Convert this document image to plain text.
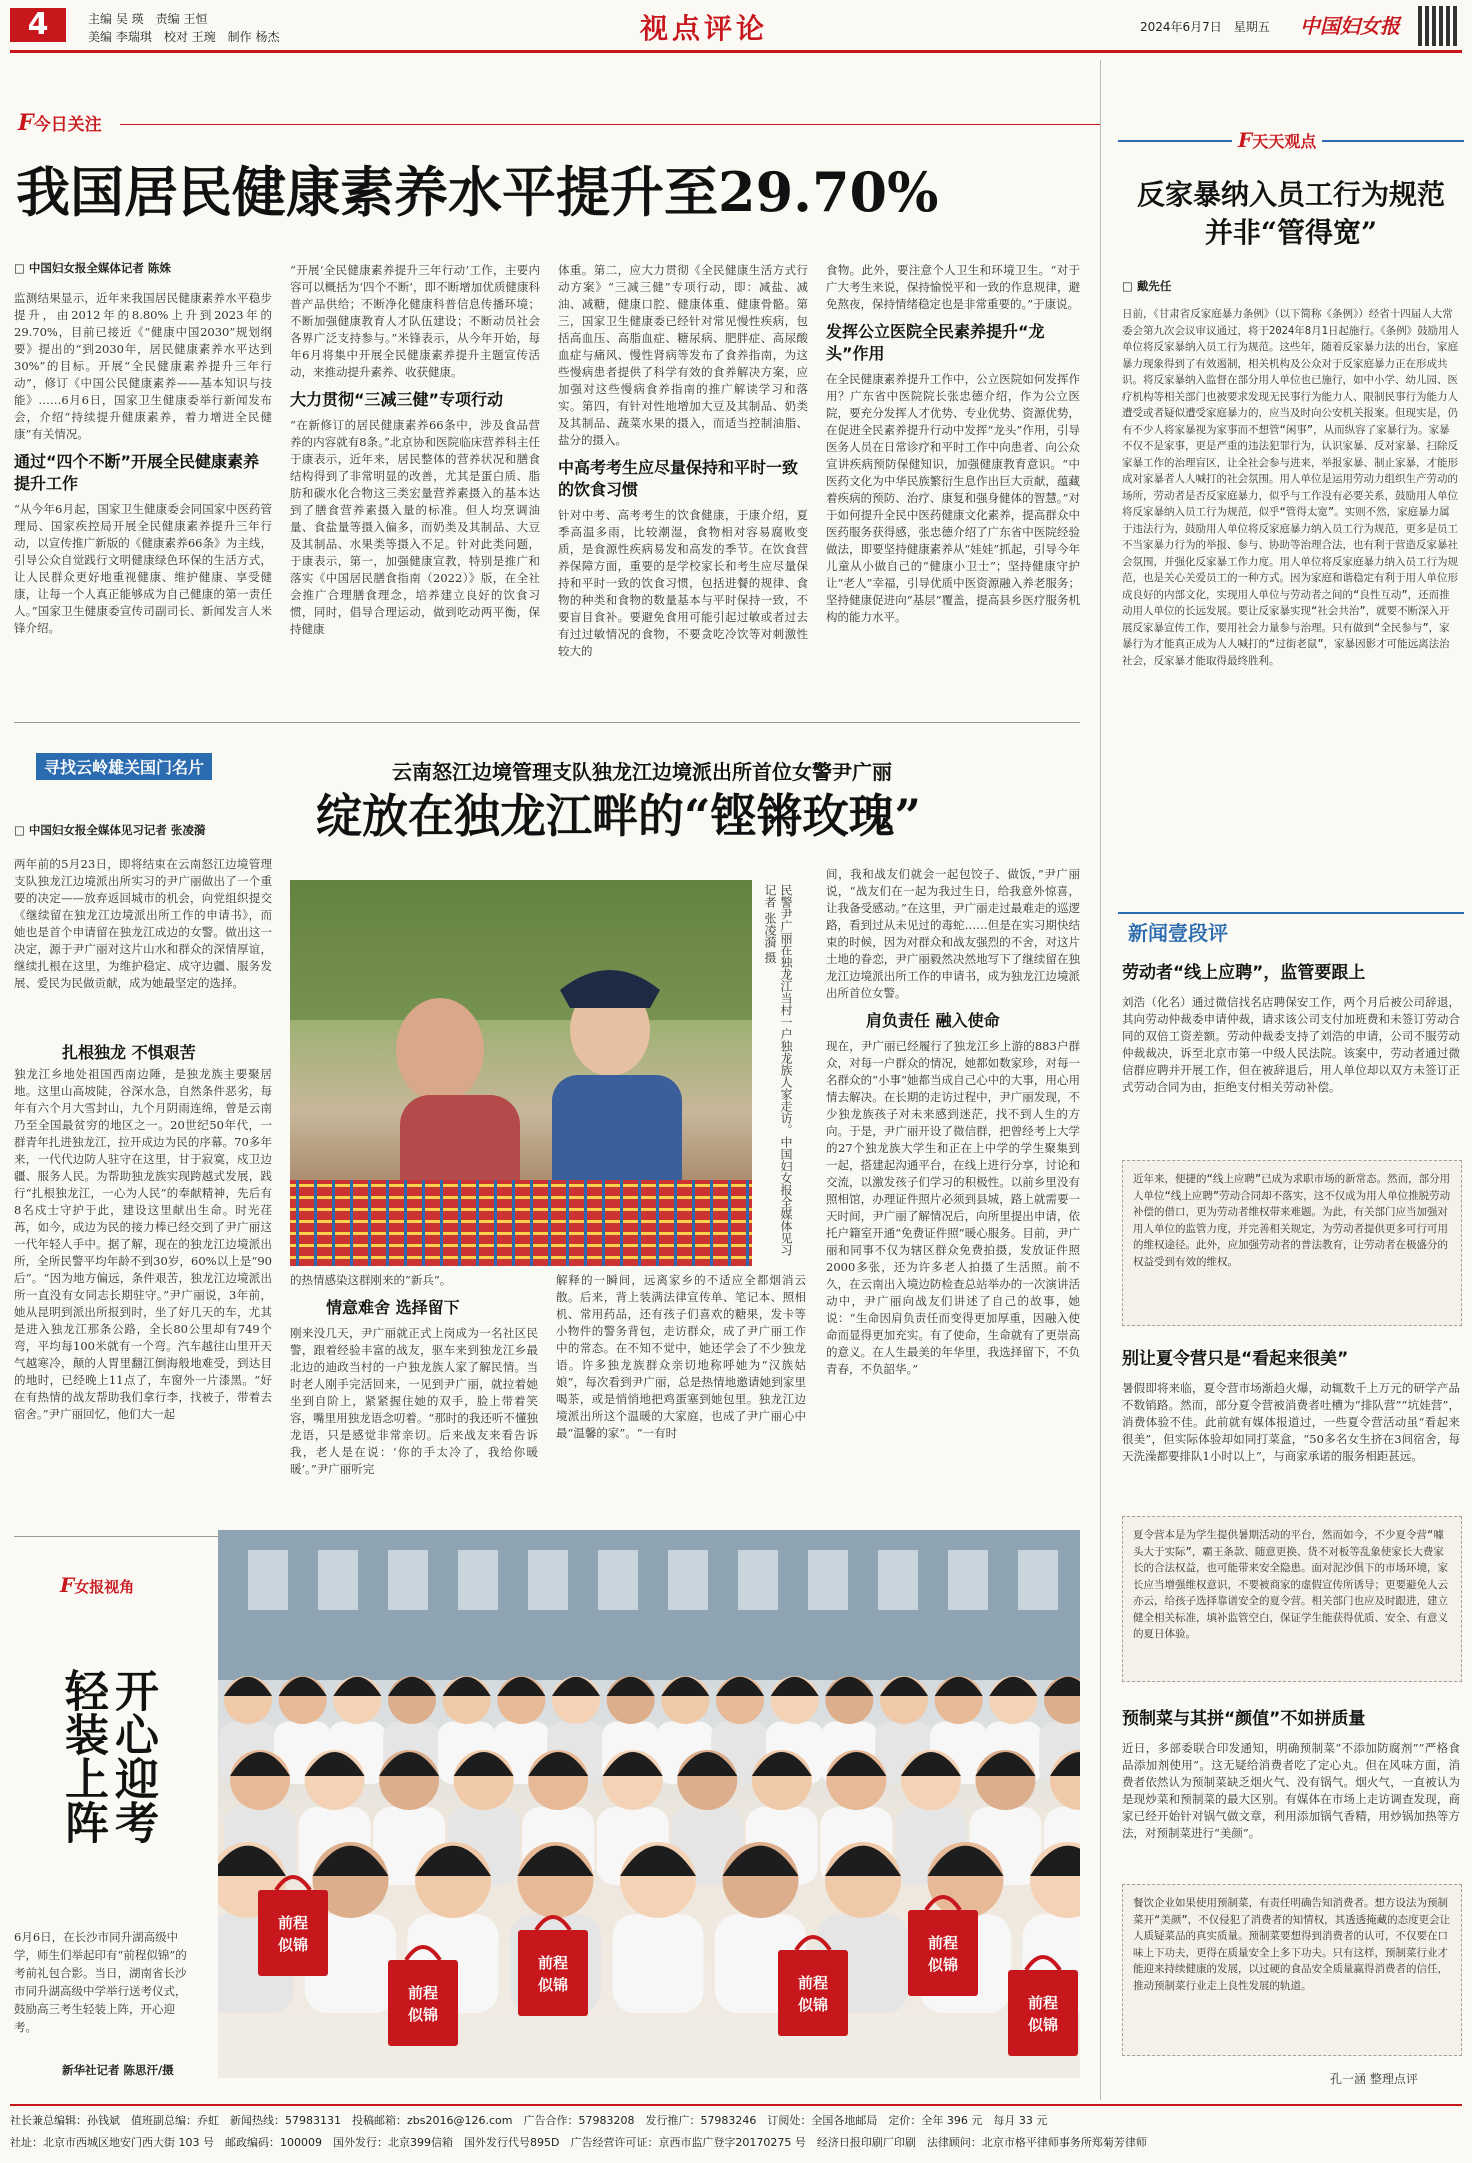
4	主编 吴 瑛　责编 王恒
美编 李瑞琪　校对 王琬　制作 杨杰	视点评论	2024年6月7日　星期五 中国妇女报
F今日关注
我国居民健康素养水平提升至29.70%
□ 中国妇女报全媒体记者 陈姝
监测结果显示，近年来我国居民健康素养水平稳步提升，由2012年的8.80%上升到2023年的29.70%，目前已接近《“健康中国2030”规划纲要》提出的“到2030年，居民健康素养水平达到30%”的目标。开展“全民健康素养提升三年行动”，修订《中国公民健康素养——基本知识与技能》……6月6日，国家卫生健康委举行新闻发布会，介绍“持续提升健康素养，着力增进全民健康”有关情况。
通过“四个不断”开展全民健康素养提升工作
“从今年6月起，国家卫生健康委会同国家中医药管理局、国家疾控局开展全民健康素养提升三年行动，以宣传推广新版的《健康素养66条》为主线，引导公众自觉践行文明健康绿色环保的生活方式，让人民群众更好地重视健康、维护健康、享受健康，让每一个人真正能够成为自己健康的第一责任人。”国家卫生健康委宣传司副司长、新闻发言人米锋介绍。
“开展‘全民健康素养提升三年行动’工作，主要内容可以概括为‘四个不断’，即不断增加优质健康科普产品供给；不断净化健康科普信息传播环境；不断加强健康教育人才队伍建设；不断动员社会各界广泛支持参与。”米锋表示，从今年开始，每年6月将集中开展全民健康素养提升主题宣传活动，来推动提升素养、收获健康。
大力贯彻“三减三健”专项行动
“在新修订的居民健康素养66条中，涉及食品营养的内容就有8条。”北京协和医院临床营养科主任于康表示，近年来，居民整体的营养状况和膳食结构得到了非常明显的改善，尤其是蛋白质、脂肪和碳水化合物这三类宏量营养素摄入的基本达到了膳食营养素摄入量的标准。但人均烹调油量、食盐量等摄入偏多，而奶类及其制品、大豆及其制品、水果类等摄入不足。针对此类问题，于康表示，第一，加强健康宣教，特别是推广和落实《中国居民膳食指南（2022）》版，在全社会推广合理膳食理念，培养建立良好的饮食习惯，同时，倡导合理运动，做到吃动两平衡，保持健康
体重。第二，应大力贯彻《全民健康生活方式行动方案》“三减三健”专项行动，即：减盐、减油、减糖，健康口腔、健康体重、健康骨骼。第三，国家卫生健康委已经针对常见慢性疾病，包括高血压、高脂血症、糖尿病、肥胖症、高尿酸血症与痛风、慢性肾病等发布了食养指南，为这些慢病患者提供了科学有效的食养解决方案，应加强对这些慢病食养指南的推广解读学习和落实。第四，有针对性地增加大豆及其制品、奶类及其制品、蔬菜水果的摄入，而适当控制油脂、盐分的摄入。
中高考考生应尽量保持和平时一致的饮食习惯
针对中考、高考考生的饮食健康，于康介绍，夏季高温多雨，比较潮湿，食物相对容易腐败变质，是食源性疾病易发和高发的季节。在饮食营养保障方面，重要的是学校家长和考生应尽量保持和平时一致的饮食习惯，包括进餐的规律、食物的种类和食物的数量基本与平时保持一致，不要盲目食补。要避免食用可能引起过敏或者过去有过过敏情况的食物，不要贪吃冷饮等对刺激性较大的
食物。此外，要注意个人卫生和环境卫生。“对于广大考生来说，保持愉悦平和一致的作息规律，避免熬夜，保持情绪稳定也是非常重要的。”于康说。
发挥公立医院全民素养提升“龙头”作用
在全民健康素养提升工作中，公立医院如何发挥作用？广东省中医院院长张忠德介绍，作为公立医院，要充分发挥人才优势、专业优势、资源优势，在促进全民素养提升行动中发挥“龙头”作用，引导医务人员在日常诊疗和平时工作中向患者、向公众宣讲疾病预防保健知识，加强健康教育意识。“中医药文化为中华民族繁衍生息作出巨大贡献，蕴藏着疾病的预防、治疗、康复和强身健体的智慧。”对于如何提升全民中医药健康文化素养，提高群众中医药服务获得感，张忠德介绍了广东省中医院经验做法，即要坚持健康素养从“娃娃”抓起，引导今年儿童从小做自己的“健康小卫士”；坚持健康守护让“老人”幸福，引导优质中医资源融入养老服务；坚持健康促进向“基层”覆盖，提高县乡医疗服务机构的能力水平。
寻找云岭雄关国门名片	云南怒江边境管理支队独龙江边境派出所首位女警尹广丽
绽放在独龙江畔的“铿锵玫瑰”
□ 中国妇女报全媒体见习记者 张凌漪
两年前的5月23日，即将结束在云南怒江边境管理支队独龙江边境派出所实习的尹广丽做出了一个重要的决定——放弃返回城市的机会，向党组织提交《继续留在独龙江边境派出所工作的申请书》，而她也是首个申请留在独龙江成边的女警。做出这一决定，源于尹广丽对这片山水和群众的深情厚谊，继续扎根在这里，为维护稳定、成守边疆、服务发展、爱民为民做贡献，成为她最坚定的选择。
扎根独龙 不惧艰苦
独龙江乡地处祖国西南边陲，是独龙族主要聚居地。这里山高坡陡，谷深水急，自然条件恶劣，每年有六个月大雪封山，九个月阴雨连绵，曾是云南乃至全国最贫穷的地区之一。20世纪50年代，一群青年扎进独龙江，拉开成边为民的序幕。70多年来，一代代边防人驻守在这里，甘于寂寞，戍卫边疆、服务人民。为帮助独龙族实现跨越式发展，践行“扎根独龙江，一心为人民”的奉献精神，先后有8名戍士守护于此，建设这里献出生命。时光荏苒，如今，成边为民的接力棒已经交到了尹广丽这一代年轻人手中。据了解，现在的独龙江边境派出所，全所民警平均年龄不到30岁，60%以上是“90后”。“因为地方偏远，条件艰苦，独龙江边境派出所一直没有女同志长期驻守。”尹广丽说，3年前，她从昆明到派出所报到时，坐了好几天的车，尤其是进入独龙江那条公路，全长80公里却有749个弯，平均每100米就有一个弯。汽车越往山里开天气越寒冷，颠的人胃里翻江倒海般地难受，到达目的地时，已经晚上11点了，车窗外一片漆黑。“好在有热情的战友帮助我们拿行李，找被子，带着去宿舍。”尹广丽回忆，他们大一起
民警尹广丽在独龙江当村一户独龙族人家走访。中国妇女报全媒体见习记者 张凌漪 摄
的热情感染这群刚来的“新兵”。
情意难舍 选择留下
刚来没几天，尹广丽就正式上岗成为一名社区民警，跟着经验丰富的战友，驱车来到独龙江乡最北边的迪政当村的一户独龙族人家了解民情。当时老人刚手完活回来，一见到尹广丽，就拉着她坐到自阶上，紧紧握住她的双手，脸上带着笑容，嘴里用独龙语念叨着。“那时的我还听不懂独龙语，只是感觉非常亲切。后来战友来看告诉我，老人是在说：‘你的手太冷了，我给你暖暖’。”尹广丽听完
解释的一瞬间，远离家乡的不适应全都烟消云散。后来，背上装满法律宣传单、笔记本、照相机、常用药品，还有孩子们喜欢的糖果，发卡等小物件的警务背包，走访群众，成了尹广丽工作中的常态。在不知不觉中，她还学会了不少独龙语。许多独龙族群众亲切地称呼她为“汉族姑娘”，每次看到尹广丽，总是热情地邀请她到家里喝茶，或是悄悄地把鸡蛋塞到她包里。独龙江边境派出所这个温暖的大家庭，也成了尹广丽心中最“温馨的家”。“一有时
间，我和战友们就会一起包饺子、做饭，”尹广丽说，“战友们在一起为我过生日，给我意外惊喜，让我备受感动。”在这里，尹广丽走过最难走的巡逻路，看到过从未见过的毒蛇……但是在实习期快结束的时候，因为对群众和战友强烈的不舍，对这片土地的眷恋，尹广丽毅然决然地写下了继续留在独龙江边境派出所工作的申请书，成为独龙江边境派出所首位女警。
肩负责任 融入使命
现在，尹广丽已经履行了独龙江乡上游的883户群众，对每一户群众的情况，她都如数家珍，对每一名群众的“小事”她都当成自己心中的大事，用心用情去解决。在长期的走访过程中，尹广丽发现，不少独龙族孩子对未来感到迷茫，找不到人生的方向。于是，尹广丽开设了微信群，把曾经考上大学的27个独龙族大学生和正在上中学的学生聚集到一起，搭建起沟通平台，在线上进行分享，讨论和交流，以激发孩子们学习的积极性。以前乡里没有照相馆，办理证件照片必须到县城，路上就需要一天时间，尹广丽了解情况后，向所里提出申请，依托户籍室开通“免费证件照”暖心服务。目前，尹广丽和同事不仅为辖区群众免费拍摄，发放证件照2000多张，还为许多老人拍摄了生活照。前不久，在云南出入境边防检查总站举办的一次演讲活动中，尹广丽向战友们讲述了自己的故事，她说：“生命因肩负责任而变得更加厚重，因融入使命而显得更加充实。有了使命，生命就有了更崇高的意义。在人生最美的年华里，我选择留下，不负青春，不负韶华。”
F女报视角
开心迎考
轻装上阵
6月6日，在长沙市同升湖高级中学，师生们举起印有“前程似锦”的考前礼包合影。当日，湖南省长沙市同升湖高级中学举行送考仪式，鼓励高三考生轻装上阵，开心迎考。
新华社记者 陈思汗/摄
前程
似锦
前程
似锦
前程
似锦	前程
似锦
前程
似锦
前程
似锦
F天天观点
反家暴纳入员工行为规范并非“管得宽”
□ 戴先任
日前，《甘肃省反家庭暴力条例》（以下简称《条例》）经省十四届人大常委会第九次会议审议通过，将于2024年8月1日起施行。《条例》鼓励用人单位将反家暴纳入员工行为规范。这些年，随着反家暴力法的出台，家庭暴力现象得到了有效遏制，相关机构及公众对于反家庭暴力正在形成共识。将反家暴纳入监督在部分用人单位也已施行，如中小学、幼儿园、医疗机构等相关部门也被要求发现无民事行为能力人、限制民事行为能力人遭受或者疑似遭受家庭暴力的，应当及时向公安机关报案。但现实是，仍有不少人将家暴视为家事而不想管“闲事”，从而纵容了家暴行为。家暴不仅不是家事，更是严重的违法犯罪行为，认识家暴、反对家暴、扫除反家暴工作的治理盲区，让全社会参与进来，举报家暴、制止家暴，才能形成对家暴者人人喊打的社会氛围。用人单位是运用劳动力组织生产劳动的场所，劳动者是否反家庭暴力，似乎与工作没有必要关系，鼓励用人单位将反家暴纳入员工行为规范，似乎“管得太宽”。实则不然，家庭暴力属于违法行为，鼓励用人单位将反家庭暴力纳入员工行为规范，更多是员工不当家暴力行为的举报、参与、协助等治理合法，也有利于营造反家暴社会氛围，并强化反家暴工作力度。用人单位将反家庭暴力纳入员工行为规范，也是关心关爱员工的一种方式。因为家庭和谐稳定有利于用人单位形成良好的内部文化，实现用人单位与劳动者之间的“良性互动”，还而推动用人单位的长远发展。要让反家暴实现“社会共治”，就要不断深入开展反家暴宣传工作，要用社会力量参与治理。只有做到“全民参与”，家暴行为才能真正成为人人喊打的“过街老鼠”，家暴因影才可能远离法治社会，反家暴才能取得最终胜利。
新闻壹段评
劳动者“线上应聘”，监管要跟上
刘浩（化名）通过微信找名店聘保安工作，两个月后被公司辞退，其向劳动仲裁委申请仲裁，请求该公司支付加班费和未签订劳动合同的双倍工资差额。劳动仲裁委支持了刘浩的申请，公司不服劳动仲裁裁决，诉至北京市第一中级人民法院。该案中，劳动者通过微信群应聘并开展工作，但在被辞退后，用人单位却以双方未签订正式劳动合同为由，拒绝支付相关劳动补偿。
近年来，便捷的“线上应聘”已成为求职市场的新常态。然而，部分用人单位“线上应聘”劳动合同却不落实，这不仅成为用人单位推脱劳动补偿的借口，更为劳动者维权带来难题。为此，有关部门应当加强对用人单位的监管力度，并完善相关规定，为劳动者提供更多可行可用的维权途径。此外，应加强劳动者的普法教育，让劳动者在极盛分的权益受到有效的维权。
别让夏令营只是“看起来很美”
暑假即将来临，夏令营市场渐趋火爆，动辄数千上万元的研学产品不数销路。然而，部分夏令营被消费者吐槽为“排队营”“坑娃营”，消费体验不佳。此前就有媒体报道过，一些夏令营活动虽“看起来很美”，但实际体验却如同打菜盒，“50多名女生挤在3间宿舍，每天洗澡都要排队1小时以上”，与商家承诺的服务相距甚远。
夏令营本是为学生提供暑期活动的平台，然而如今，不少夏令营“噱头大于实际”，霸王条款、随意更换、货不对板等乱象使家长大费家长的合法权益，也可能带来安全隐患。面对泥沙俱下的市场环境，家长应当增强维权意识，不要被商家的虚假宣传所诱导；更要避免人云亦云，给孩子选择靠谱安全的夏令营。相关部门也应及时跟进，建立健全相关标准，填补监管空白，保证学生能获得优质、安全、有意义的夏日体验。
预制菜与其拼“颜值”不如拼质量
近日，多部委联合印发通知，明确预制菜“不添加防腐剂”“严格食品添加剂使用”。这无疑给消费者吃了定心丸。但在风味方面，消费者依然认为预制菜缺乏烟火气、没有锅气。烟火气，一直被认为是现炒菜和预制菜的最大区别。有媒体在市场上走访调查发现，商家已经开始针对锅气做文章，利用添加锅气香精，用炒锅加热等方法，对预制菜进行“美颜”。
餐饮企业如果使用预制菜，有责任明确告知消费者。想方设法为预制菜开“美颜”，不仅侵犯了消费者的知情权，其透透掩藏的态度更会让人质疑菜品的真实质量。预制菜要想得到消费者的认可，不仅要在口味上下功夫，更得在质量安全上多下功夫。只有这样，预制菜行业才能迎来持续健康的发展，以过硬的食品安全质量赢得消费者的信任，推动预制菜行业走上良性发展的轨道。
孔一涵 整理点评
社长兼总编辑：孙钱斌　值班副总编：乔虹　新闻热线：57983131　投稿邮箱：zbs2016@126.com　广告合作：57983208　发行推广：57983246　订阅处：全国各地邮局　定价：全年 396 元　每月 33 元
社址：北京市西城区地安门西大街 103 号　邮政编码：100009　国外发行：北京399信箱　国外发行代号895D　广告经营许可证：京西市监广登字20170275 号　经济日报印刷厂印刷　法律顾问：北京市格平律师事务所郑菊芳律师
